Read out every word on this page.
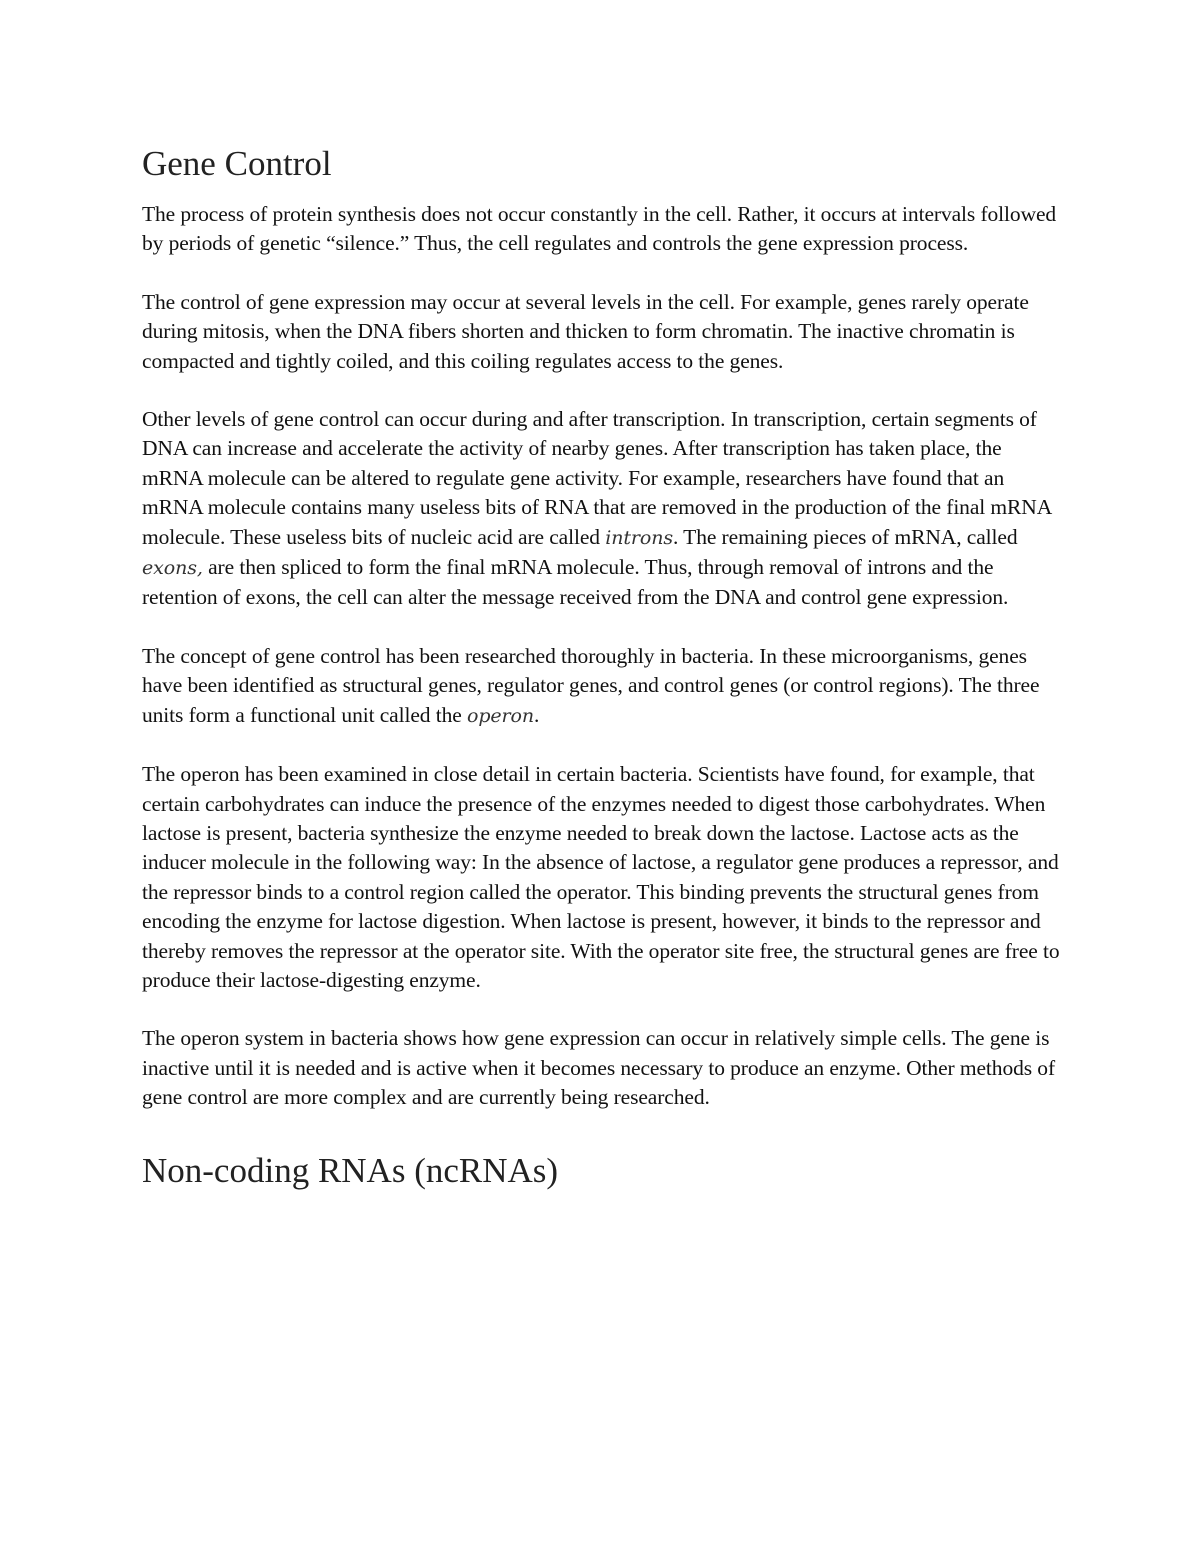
Gene Control

The process of protein synthesis does not occur constantly in the cell. Rather, it occurs at intervals followed by periods of genetic “silence.” Thus, the cell regulates and controls the gene expression process.

The control of gene expression may occur at several levels in the cell. For example, genes rarely operate during mitosis, when the DNA fibers shorten and thicken to form chromatin. The inactive chromatin is compacted and tightly coiled, and this coiling regulates access to the genes.

Other levels of gene control can occur during and after transcription. In transcription, certain segments of DNA can increase and accelerate the activity of nearby genes. After transcription has taken place, the mRNA molecule can be altered to regulate gene activity. For example, researchers have found that an mRNA molecule contains many useless bits of RNA that are removed in the production of the final mRNA molecule. These useless bits of nucleic acid are called introns. The remaining pieces of mRNA, called exons, are then spliced to form the final mRNA molecule. Thus, through removal of introns and the retention of exons, the cell can alter the message received from the DNA and control gene expression.

The concept of gene control has been researched thoroughly in bacteria. In these microorganisms, genes have been identified as structural genes, regulator genes, and control genes (or control regions). The three units form a functional unit called the operon.

The operon has been examined in close detail in certain bacteria. Scientists have found, for example, that certain carbohydrates can induce the presence of the enzymes needed to digest those carbohydrates. When lactose is present, bacteria synthesize the enzyme needed to break down the lactose. Lactose acts as the inducer molecule in the following way: In the absence of lactose, a regulator gene produces a repressor, and the repressor binds to a control region called the operator. This binding prevents the structural genes from encoding the enzyme for lactose digestion. When lactose is present, however, it binds to the repressor and thereby removes the repressor at the operator site. With the operator site free, the structural genes are free to produce their lactose-digesting enzyme.

The operon system in bacteria shows how gene expression can occur in relatively simple cells. The gene is inactive until it is needed and is active when it becomes necessary to produce an enzyme. Other methods of gene control are more complex and are currently being researched.

Non-coding RNAs (ncRNAs)
